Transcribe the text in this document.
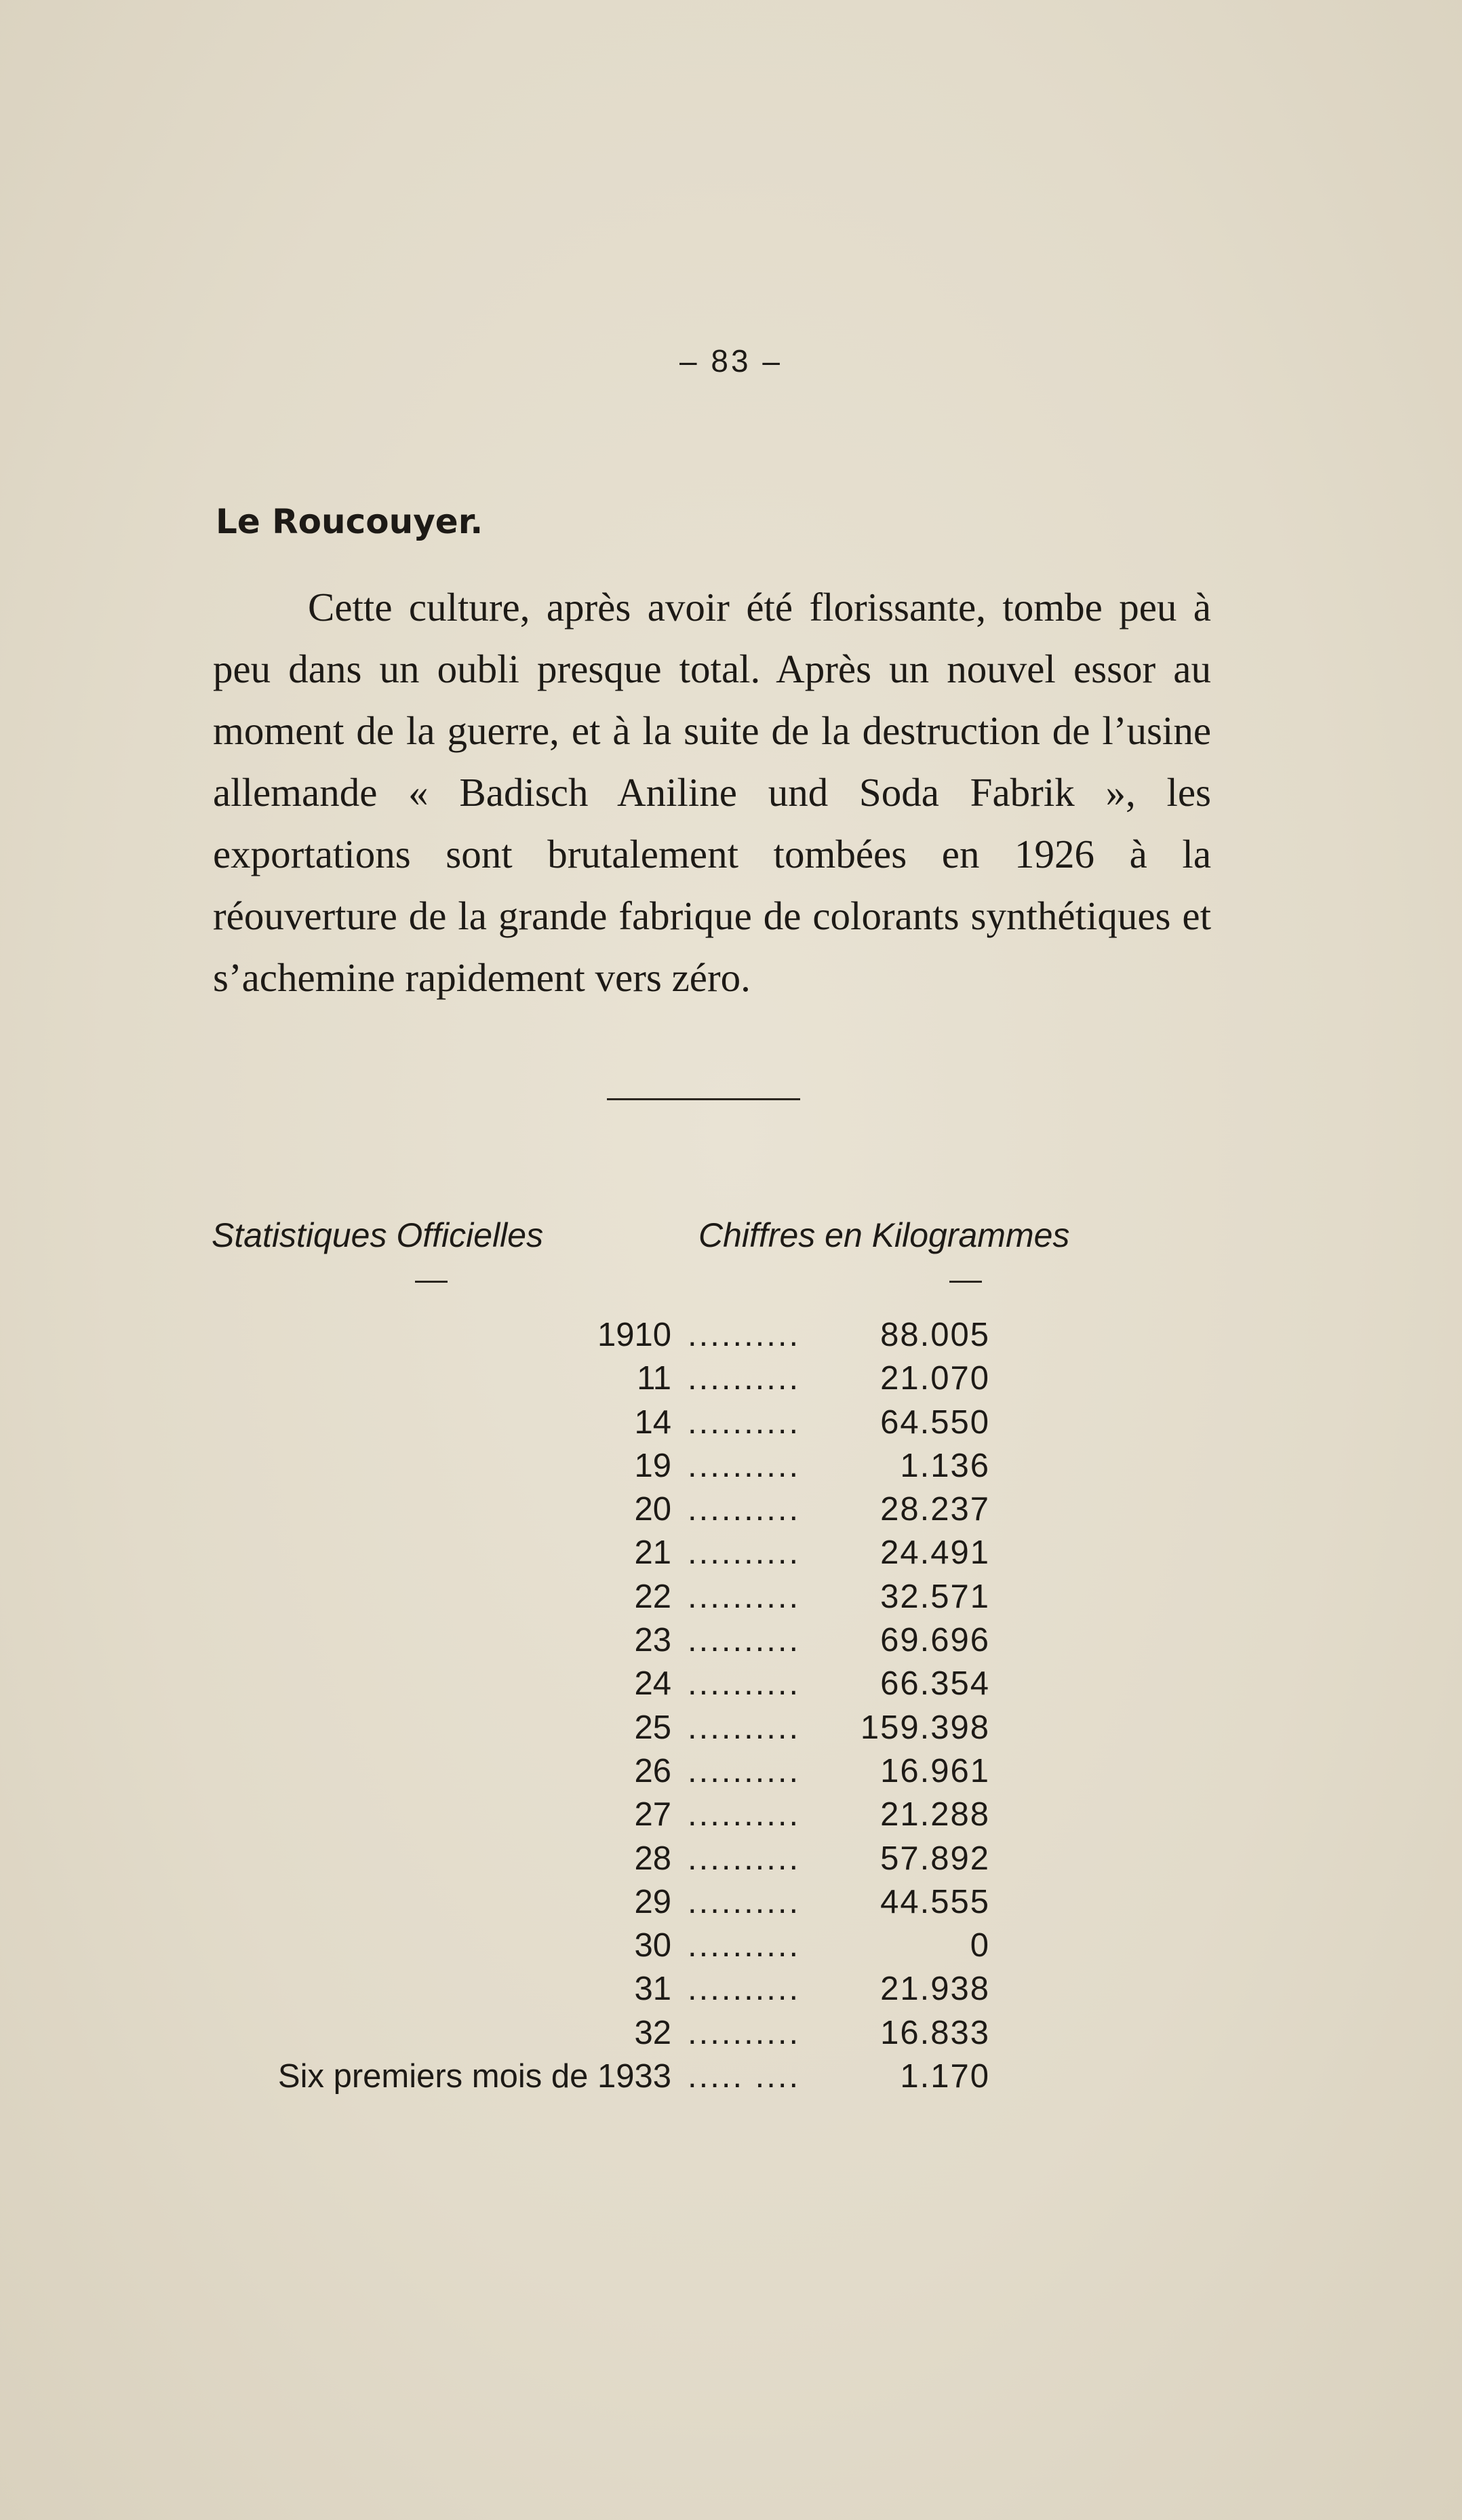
– 83 –
Le Roucouyer.

Cette culture, après avoir été florissante, tombe peu à peu dans un oubli presque total. Après un nouvel essor au moment de la guerre, et à la suite de la destruction de l’usine allemande « Badisch Aniline und Soda Fabrik », les exportations sont brutalement tombées en 1926 à la réouverture de la grande fabrique de colorants synthétiques et s’achemine rapidement vers zéro.

Statistiques Officielles	Chiffres en Kilogrammes
1910 ..........	88.005
11 ..........	21.070
14 ..........	64.550
19 ..........	1.136
20 ..........	28.237
21 ..........	24.491
22 ..........	32.571
23 ..........	69.696
24 ..........	66.354
25 ..........	159.398
26 ..........	16.961
27 ..........	21.288
28 ..........	57.892
29 ..........	44.555
30 ..........	0
31 ..........	21.938
32 ..........	16.833
Six premiers mois de 1933 ..... ....	1.170
